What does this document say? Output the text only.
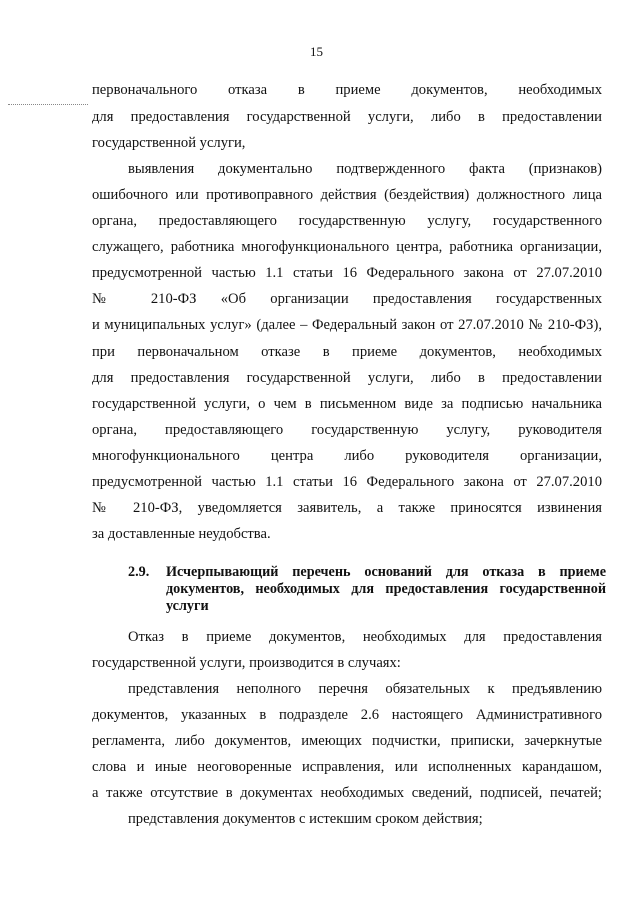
15
первоначального отказа в приеме документов, необходимых
для предоставления государственной услуги, либо в предоставлении
государственной услуги,
выявления документально подтвержденного факта (признаков)
ошибочного или противоправного действия (бездействия) должностного лица
органа, предоставляющего государственную услугу, государственного
служащего, работника многофункционального центра, работника организации,
предусмотренной частью 1.1 статьи 16 Федерального закона от 27.07.2010
№ 210-ФЗ «Об организации предоставления государственных
и муниципальных услуг» (далее – Федеральный закон от 27.07.2010 № 210-ФЗ),
при первоначальном отказе в приеме документов, необходимых
для предоставления государственной услуги, либо в предоставлении
государственной услуги, о чем в письменном виде за подписью начальника
органа, предоставляющего государственную услугу, руководителя
многофункционального центра либо руководителя организации,
предусмотренной частью 1.1 статьи 16 Федерального закона от 27.07.2010
№ 210-ФЗ, уведомляется заявитель, а также приносятся извинения
за доставленные неудобства.
Отказ в приеме документов, необходимых для предоставления
государственной услуги, производится в случаях:
представления неполного перечня обязательных к предъявлению
документов, указанных в подразделе 2.6 настоящего Административного
регламента, либо документов, имеющих подчистки, приписки, зачеркнутые
слова и иные неоговоренные исправления, или исполненных карандашом,
а также отсутствие в документах необходимых сведений, подписей, печатей;
представления документов с истекшим сроком действия;
2.9. Исчерпывающий перечень оснований для отказа в приеме
документов, необходимых для предоставления государственной
услуги
